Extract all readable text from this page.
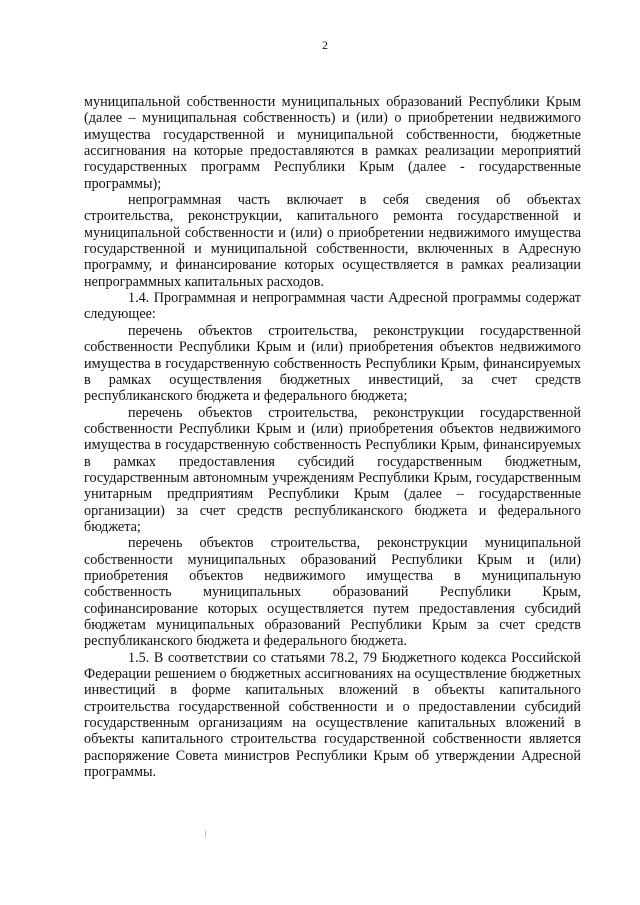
2

муниципальной собственности муниципальных образований Республики Крым (далее – муниципальная собственность) и (или) о приобретении недвижимого имущества государственной и муниципальной собственности, бюджетные ассигнования на которые предоставляются в рамках реализации мероприятий государственных программ Республики Крым (далее - государственные программы);

непрограммная часть включает в себя сведения об объектах строительства, реконструкции, капитального ремонта государственной и муниципальной собственности и (или) о приобретении недвижимого имущества государственной и муниципальной собственности, включенных в Адресную программу, и финансирование которых осуществляется в рамках реализации непрограммных капитальных расходов.

1.4. Программная и непрограммная части Адресной программы содержат следующее:

перечень объектов строительства, реконструкции государственной собственности Республики Крым и (или) приобретения объектов недвижимого имущества в государственную собственность Республики Крым, финансируемых в рамках осуществления бюджетных инвестиций, за счет средств республиканского бюджета и федерального бюджета;

перечень объектов строительства, реконструкции государственной собственности Республики Крым и (или) приобретения объектов недвижимого имущества в государственную собственность Республики Крым, финансируемых в рамках предоставления субсидий государственным бюджетным, государственным автономным учреждениям Республики Крым, государственным унитарным предприятиям Республики Крым (далее – государственные организации) за счет средств республиканского бюджета и федерального бюджета;

перечень объектов строительства, реконструкции муниципальной собственности муниципальных образований Республики Крым и (или) приобретения объектов недвижимого имущества в муниципальную собственность муниципальных образований Республики Крым, софинансирование которых осуществляется путем предоставления субсидий бюджетам муниципальных образований Республики Крым за счет средств республиканского бюджета и федерального бюджета.

1.5. В соответствии со статьями 78.2, 79 Бюджетного кодекса Российской Федерации решением о бюджетных ассигнованиях на осуществление бюджетных инвестиций в форме капитальных вложений в объекты капитального строительства государственной собственности и о предоставлении субсидий государственным организациям на осуществление капитальных вложений в объекты капитального строительства государственной собственности является распоряжение Совета министров Республики Крым об утверждении Адресной программы.
